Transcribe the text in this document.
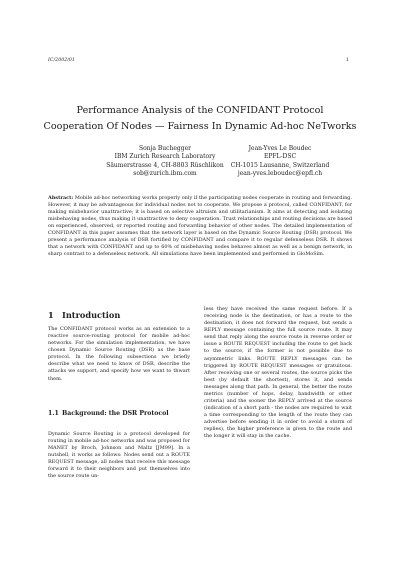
IC/2002/01	1
Performance Analysis of the CONFIDANT Protocol
Cooperation Of Nodes — Fairness In Dynamic Ad-hoc NeTworks
Sonja Buchegger
IBM Zurich Research Laboratory
Säumerstrasse 4, CH-8803 Rüschlikon
sob@zurich.ibm.com
Jean-Yves Le Boudec
EPFL-DSC
CH-1015 Lausanne, Switzerland
jean-yves.leboudec@epfl.ch
Abstract: Mobile ad-hoc networking works properly only if the participating nodes cooperate in routing and forwarding. However, it may be advantageous for individual nodes not to cooperate. We propose a protocol, called CONFIDANT, for making misbehavior unattractive; it is based on selective altruism and utilitarianism. It aims at detecting and isolating misbehaving nodes, thus making it unattractive to deny cooperation. Trust relationships and routing decisions are based on experienced, observed, or reported routing and forwarding behavior of other nodes. The detailed implementation of CONFIDANT in this paper assumes that the network layer is based on the Dynamic Source Routing (DSR) protocol. We present a performance analysis of DSR fortified by CONFIDANT and compare it to regular defenseless DSR. It shows that a network with CONFIDANT and up to 60% of misbehaving nodes behaves almost as well as a benign network, in sharp contrast to a defenseless network. All simulations have been implemented and performed in GloMoSim.
1 Introduction
The CONFIDANT protocol works as an extension to a reactive source-routing protocol for mobile ad-hoc networks. For the simulation implementation, we have chosen Dynamic Source Routing (DSR) as the base protocol. In the following subsections we briefly describe what we need to know of DSR, describe the attacks we support, and specify how we want to thwart them.
1.1 Background: the DSR Protocol
Dynamic Source Routing is a protocol developed for routing in mobile ad-hoc networks and was proposed for MANET by Broch, Johnson and Maltz [JM99]. In a nutshell, it works as follows: Nodes send out a ROUTE REQUEST message, all nodes that receive this message forward it to their neighbors and put themselves into the source route un-
less they have received the same request before. If a receiving node is the destination, or has a route to the destination, it does not forward the request, but sends a REPLY message containing the full source route. It may send that reply along the source route in reverse order or issue a ROUTE REQUEST including the route to get back to the source, if the former is not possible due to asymmetric links. ROUTE REPLY messages can be triggered by ROUTE REQUEST messages or gratuitous. After receiving one or several routes, the source picks the best (by default the shortest), stores it, and sends messages along that path. In general, the better the route metrics (number of hops, delay, bandwidth or other criteria) and the sooner the REPLY arrived at the source (indication of a short path - the nodes are required to wait a time corresponding to the length of the route they can advertise before sending it in order to avoid a storm of replies), the higher preference is given to the route and the longer it will stay in the cache.
